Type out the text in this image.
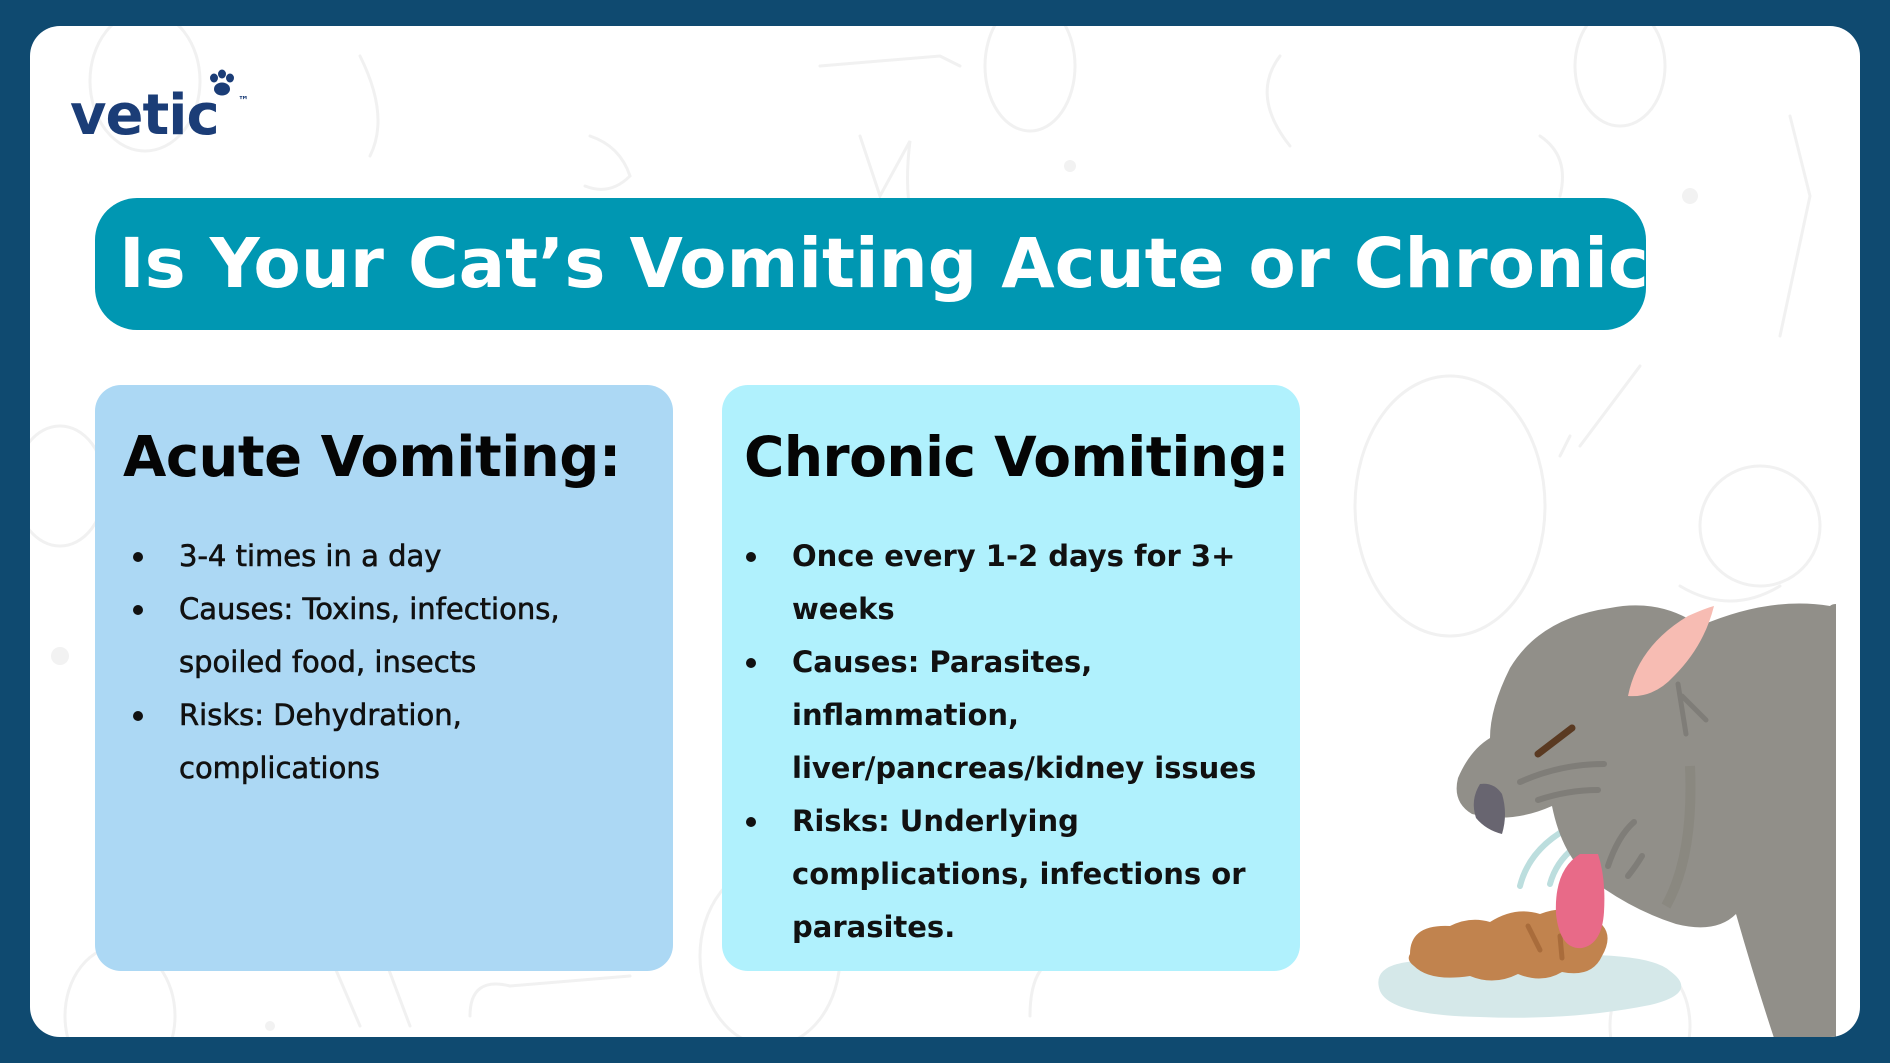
vetic ™
Is Your Cat’s Vomiting Acute or Chronic?
Acute Vomiting:
3-4 times in a day
Causes: Toxins, infections, spoiled food, insects
Risks: Dehydration, complications
Chronic Vomiting:
Once every 1-2 days for 3+ weeks
Causes: Parasites, inflammation, liver/pancreas/kidney issues
Risks: Underlying complications, infections or parasites.
